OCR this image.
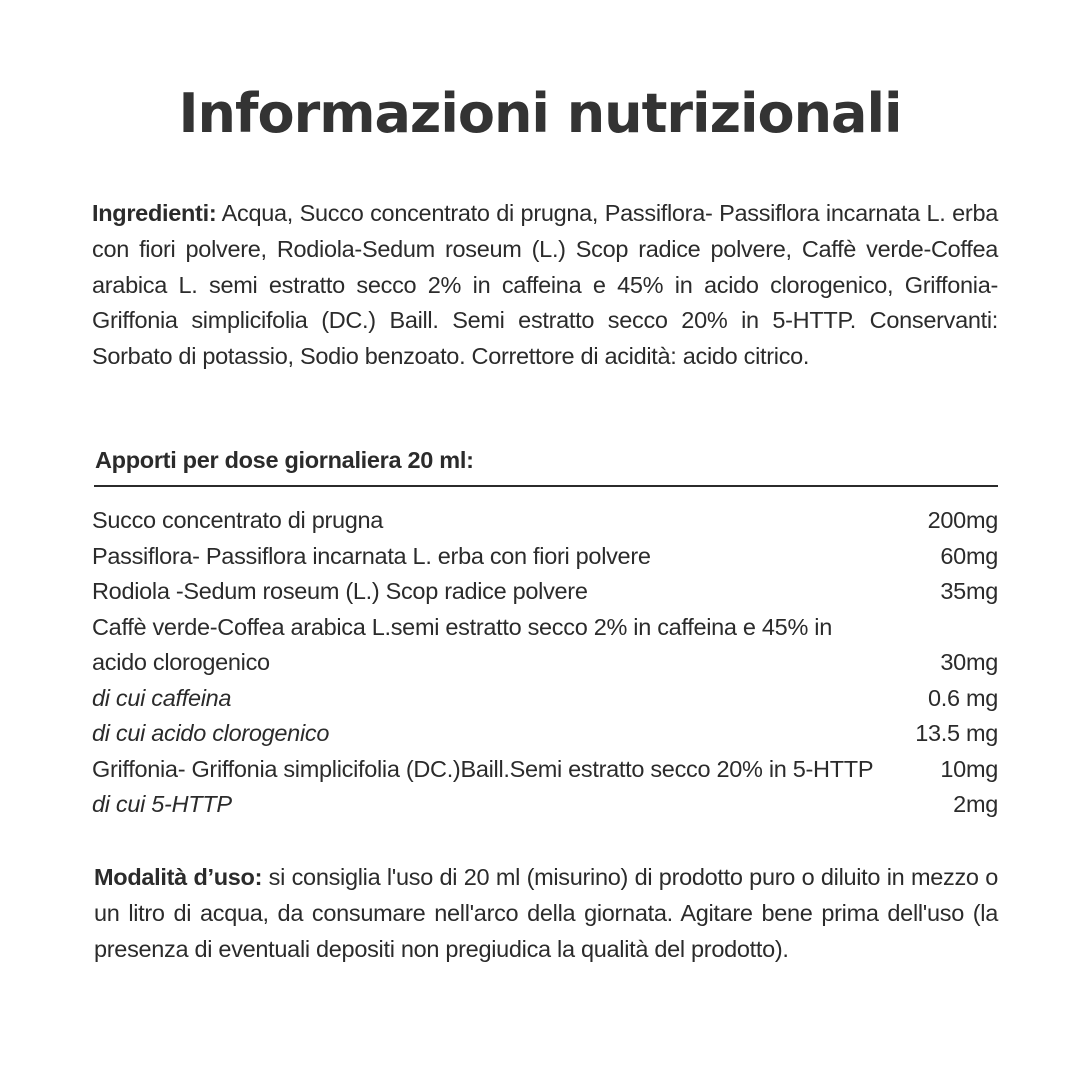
Informazioni nutrizionali
Ingredienti: Acqua, Succo concentrato di prugna, Passiflora- Passiflora incarnata L. erba con fiori polvere, Rodiola-Sedum roseum (L.) Scop radice polvere, Caffè verde-Coffea arabica L. semi estratto secco 2% in caffeina e 45% in acido clorogenico, Griffonia- Griffonia simplicifolia (DC.) Baill. Semi estratto secco 20% in 5-HTTP. Conservanti: Sorbato di potassio, Sodio benzoato. Correttore di acidità: acido citrico.
Apporti per dose giornaliera 20 ml:
Succo concentrato di prugna	200mg
Passiflora- Passiflora incarnata L. erba con fiori polvere	60mg
Rodiola -Sedum roseum (L.) Scop radice polvere	35mg
Caffè verde-Coffea arabica L.semi estratto secco 2% in caffeina e 45% in
acido clorogenico	30mg
di cui caffeina	0.6 mg
di cui acido clorogenico	13.5 mg
Griffonia- Griffonia simplicifolia (DC.)Baill.Semi estratto secco 20% in 5-HTTP	10mg
di cui 5-HTTP	2mg
Modalità d’uso: si consiglia l'uso di 20 ml (misurino) di prodotto puro o diluito in mezzo o un litro di acqua, da consumare nell'arco della giornata. Agitare bene prima dell'uso (la presenza di eventuali depositi non pregiudica la qualità del prodotto).
